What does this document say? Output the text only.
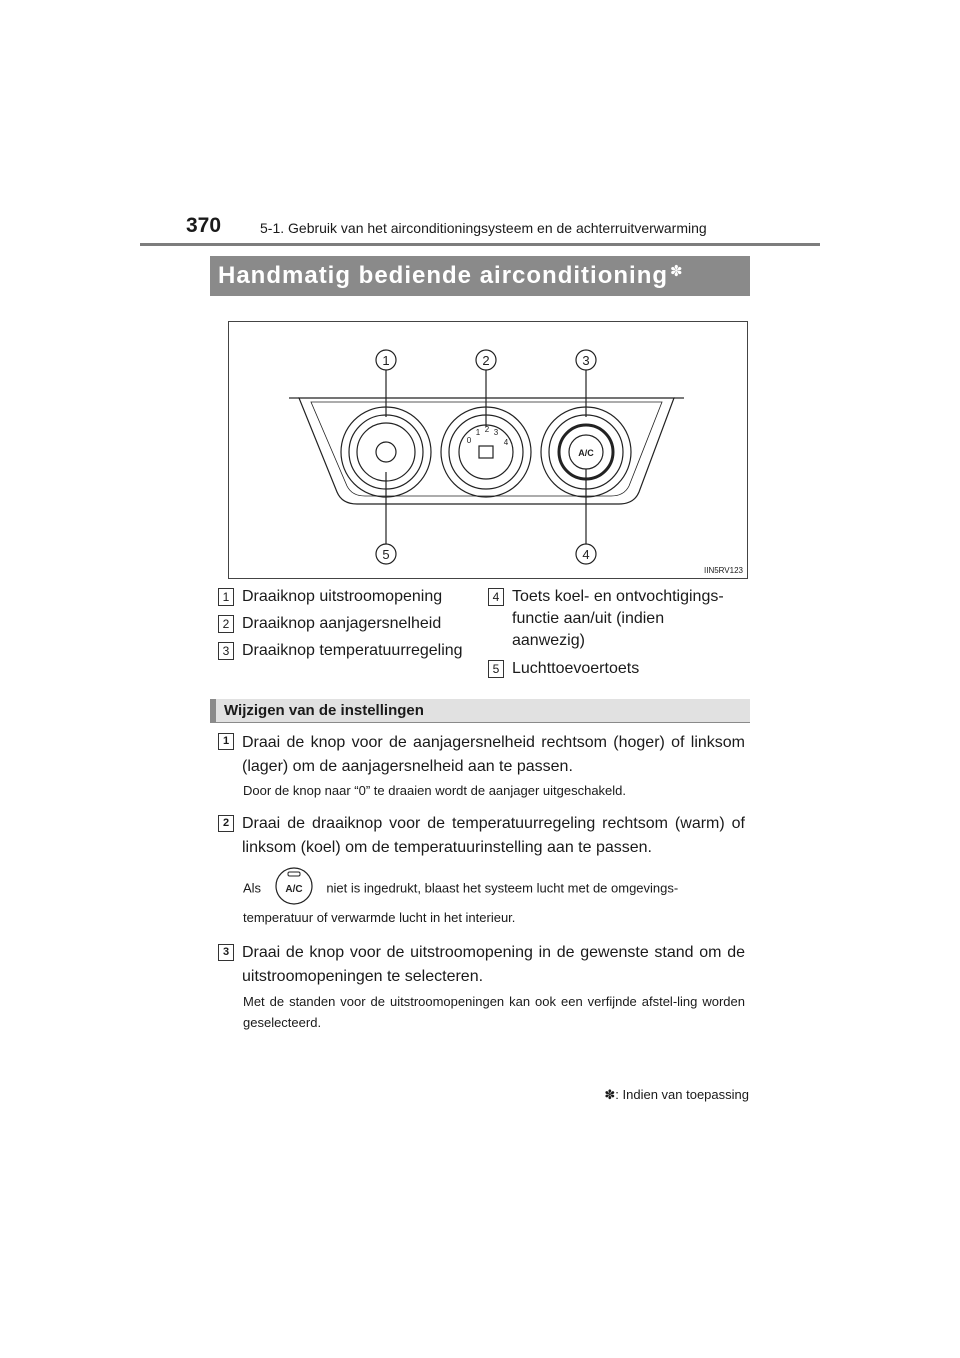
370	5-1. Gebruik van het airconditioningsysteem en de achterruitverwarming
Handmatig bediende airconditioning ✽
1	2	3
4
5
0
1 2 3
4
A/C
IIN5RV123
1 Draaiknop uitstroomopening
2 Draaiknop aanjagersnelheid
3 Draaiknop temperatuurregeling
4 Toets koel- en ontvochtigings-
functie aan/uit (indien
aanwezig)
5 Luchttoevoertoets
Wijzigen van de instellingen
1 Draai de knop voor de aanjagersnelheid rechtsom (hoger) of linksom (lager) om de aanjagersnelheid aan te passen.
Door de knop naar “0” te draaien wordt de aanjager uitgeschakeld.
2 Draai de draaiknop voor de temperatuurregeling rechtsom (warm) of linksom (koel) om de temperatuurinstelling aan te passen.
Als A/C niet is ingedrukt, blaast het systeem lucht met de omgevings-
temperatuur of verwarmde lucht in het interieur.
3 Draai de knop voor de uitstroomopening in de gewenste stand om de uitstroomopeningen te selecteren.
Met de standen voor de uitstroomopeningen kan ook een verfijnde afstel-ling worden geselecteerd.
✽: Indien van toepassing
